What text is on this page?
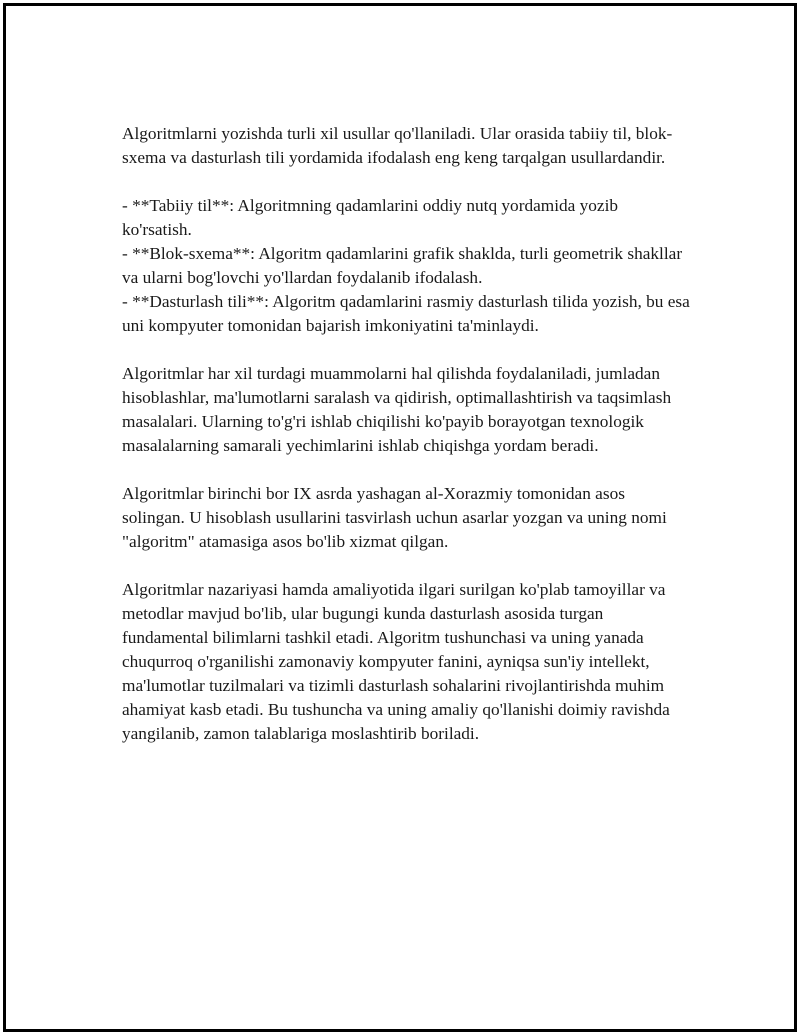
Algoritmlarni yozishda turli xil usullar qo'llaniladi. Ular orasida tabiiy til, blok-sxema va dasturlash tili yordamida ifodalash eng keng tarqalgan usullardandir.

- **Tabiiy til**: Algoritmning qadamlarini oddiy nutq yordamida yozib ko'rsatish.

- **Blok-sxema**: Algoritm qadamlarini grafik shaklda, turli geometrik shakllar va ularni bog'lovchi yo'llardan foydalanib ifodalash.

- **Dasturlash tili**: Algoritm qadamlarini rasmiy dasturlash tilida yozish, bu esa uni kompyuter tomonidan bajarish imkoniyatini ta'minlaydi.

Algoritmlar har xil turdagi muammolarni hal qilishda foydalaniladi, jumladan hisoblashlar, ma'lumotlarni saralash va qidirish, optimallashtirish va taqsimlash masalalari. Ularning to'g'ri ishlab chiqilishi ko'payib borayotgan texnologik masalalarning samarali yechimlarini ishlab chiqishga yordam beradi.

Algoritmlar birinchi bor IX asrda yashagan al-Xorazmiy tomonidan asos solingan. U hisoblash usullarini tasvirlash uchun asarlar yozgan va uning nomi "algoritm" atamasiga asos bo'lib xizmat qilgan.

Algoritmlar nazariyasi hamda amaliyotida ilgari surilgan ko'plab tamoyillar va metodlar mavjud bo'lib, ular bugungi kunda dasturlash asosida turgan fundamental bilimlarni tashkil etadi. Algoritm tushunchasi va uning yanada chuqurroq o'rganilishi zamonaviy kompyuter fanini, ayniqsa sun'iy intellekt, ma'lumotlar tuzilmalari va tizimli dasturlash sohalarini rivojlantirishda muhim ahamiyat kasb etadi. Bu tushuncha va uning amaliy qo'llanishi doimiy ravishda yangilanib, zamon talablariga moslashtirib boriladi.
